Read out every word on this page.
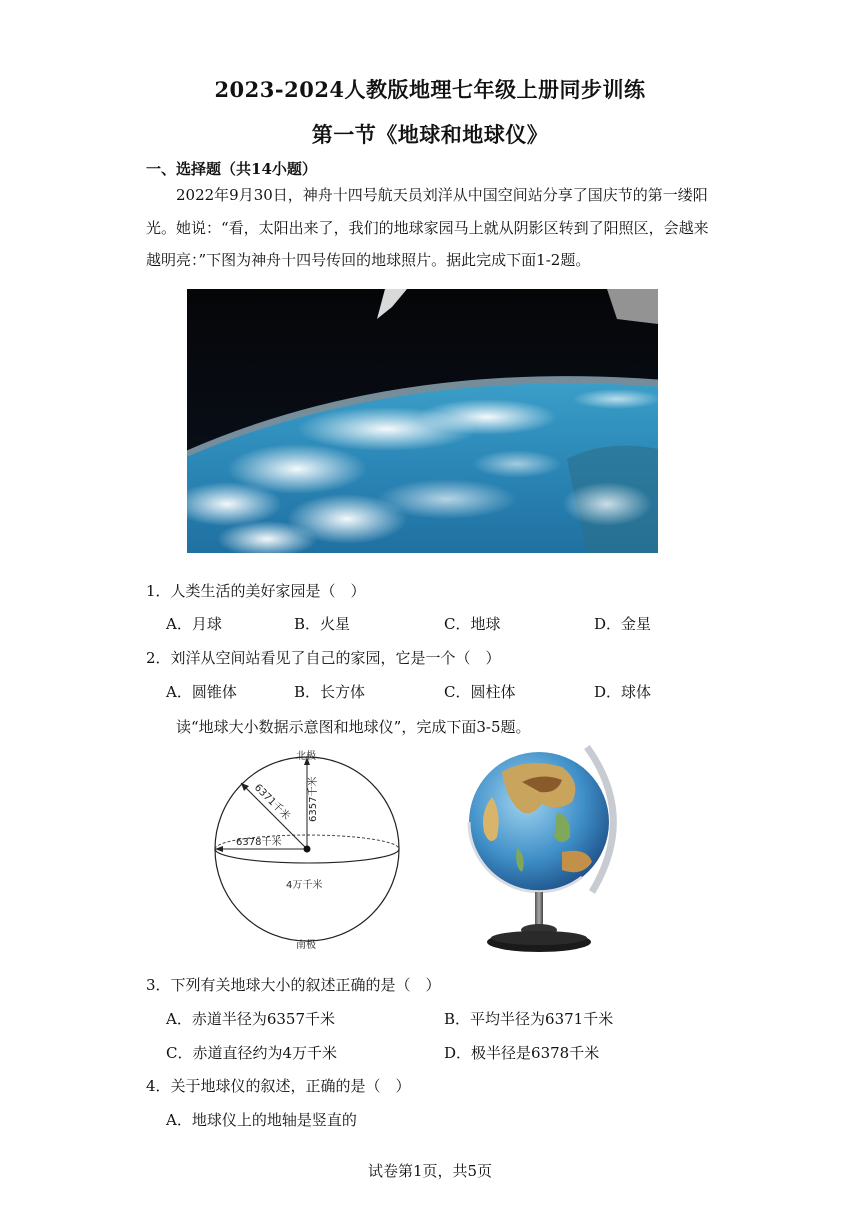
2023-2024人教版地理七年级上册同步训练
第一节《地球和地球仪》
一、选择题（共14小题）
2022年9月30日，神舟十四号航天员刘洋从中国空间站分享了国庆节的第一缕阳
光。她说：“看，太阳出来了，我们的地球家园马上就从阴影区转到了阳照区，会越来
越明亮：”下图为神舟十四号传回的地球照片。据此完成下面1-2题。
1．人类生活的美好家园是（　）
A．月球	B．火星	C．地球	D．金星
2．刘洋从空间站看见了自己的家园，它是一个（　）
A．圆锥体	B．长方体	C．圆柱体	D．球体
读“地球大小数据示意图和地球仪”，完成下面3-5题。
北极
南极
6371千米 6357千米
6378千米
4万千米
3．下列有关地球大小的叙述正确的是（　）
A．赤道半径为6357千米	B．平均半径为6371千米
C．赤道直径约为4万千米	D．极半径是6378千米
4．关于地球仪的叙述，正确的是（　）
A．地球仪上的地轴是竖直的
试卷第1页，共5页
